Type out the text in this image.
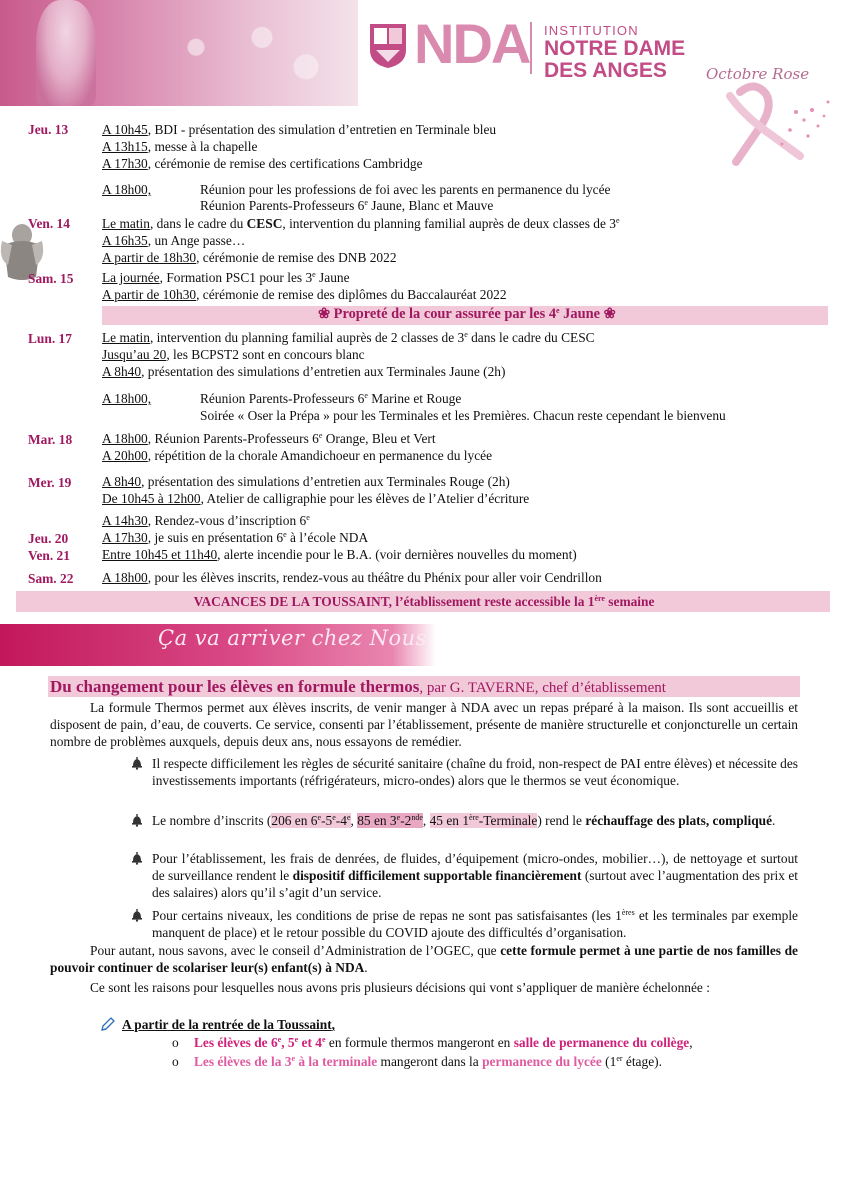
NDA INSTITUTION
NOTRE DAME
DES ANGES	Octobre Rose
Jeu. 13	A 10h45, BDI - présentation des simulation d’entretien en Terminale bleu
A 13h15, messe à la chapelle
A 17h30, cérémonie de remise des certifications Cambridge
A 18h00,	Réunion pour les professions de foi avec les parents en permanence du lycée
Réunion Parents-Professeurs 6e Jaune, Blanc et Mauve
Ven. 14 Le matin, dans le cadre du CESC, intervention du planning familial auprès de deux classes de 3e
A 16h35, un Ange passe…
A partir de 18h30, cérémonie de remise des DNB 2022
Sam. 15 La journée, Formation PSC1 pour les 3e Jaune
A partir de 10h30, cérémonie de remise des diplômes du Baccalauréat 2022
❀ Propreté de la cour assurée par les 4e Jaune ❀
Lun. 17 Le matin, intervention du planning familial auprès de 2 classes de 3e dans le cadre du CESC
Jusqu’au 20, les BCPST2 sont en concours blanc
A 8h40, présentation des simulations d’entretien aux Terminales Jaune (2h)
A 18h00,	Réunion Parents-Professeurs 6e Marine et Rouge
Soirée « Oser la Prépa » pour les Terminales et les Premières. Chacun reste cependant le bienvenu
Mar. 18 A 18h00, Réunion Parents-Professeurs 6e Orange, Bleu et Vert
A 20h00, répétition de la chorale Amandichoeur en permanence du lycée
Mer. 19 A 8h40, présentation des simulations d’entretien aux Terminales Rouge (2h)
De 10h45 à 12h00, Atelier de calligraphie pour les élèves de l’Atelier d’écriture
A 14h30, Rendez-vous d’inscription 6e
Jeu. 20	A 17h30, je suis en présentation 6e à l’école NDA
Ven. 21 Entre 10h45 et 11h40, alerte incendie pour le B.A. (voir dernières nouvelles du moment)
Sam. 22 A 18h00, pour les élèves inscrits, rendez-vous au théâtre du Phénix pour aller voir Cendrillon
VACANCES DE LA TOUSSAINT, l’établissement reste accessible la 1ère semaine
Ça va arriver chez Nous
Du changement pour les élèves en formule thermos, par G. TAVERNE, chef d’établissement
La formule Thermos permet aux élèves inscrits, de venir manger à NDA avec un repas préparé à la maison. Ils sont accueillis et disposent de pain, d’eau, de couverts. Ce service, consenti par l’établissement, présente de manière structurelle et conjoncturelle un certain nombre de problèmes auxquels, depuis deux ans, nous essayons de remédier.
Il respecte difficilement les règles de sécurité sanitaire (chaîne du froid, non-respect de PAI entre élèves) et nécessite des investissements importants (réfrigérateurs, micro-ondes) alors que le thermos se veut économique.
Le nombre d’inscrits (206 en 6e-5e-4e, 85 en 3e-2nde, 45 en 1ère-Terminale) rend le réchauffage des plats, compliqué.
Pour l’établissement, les frais de denrées, de fluides, d’équipement (micro-ondes, mobilier…), de nettoyage et surtout de surveillance rendent le dispositif difficilement supportable financièrement (surtout avec l’augmentation des prix et des salaires) alors qu’il s’agit d’un service.
Pour certains niveaux, les conditions de prise de repas ne sont pas satisfaisantes (les 1ères et les terminales par exemple manquent de place) et le retour possible du COVID ajoute des difficultés d’organisation.
Pour autant, nous savons, avec le conseil d’Administration de l’OGEC, que cette formule permet à une partie de nos familles de pouvoir continuer de scolariser leur(s) enfant(s) à NDA.
Ce sont les raisons pour lesquelles nous avons pris plusieurs décisions qui vont s’appliquer de manière échelonnée :
A partir de la rentrée de la Toussaint,
o Les élèves de 6e, 5e et 4e en formule thermos mangeront en salle de permanence du collège,
o Les élèves de la 3e à la terminale mangeront dans la permanence du lycée (1er étage).
